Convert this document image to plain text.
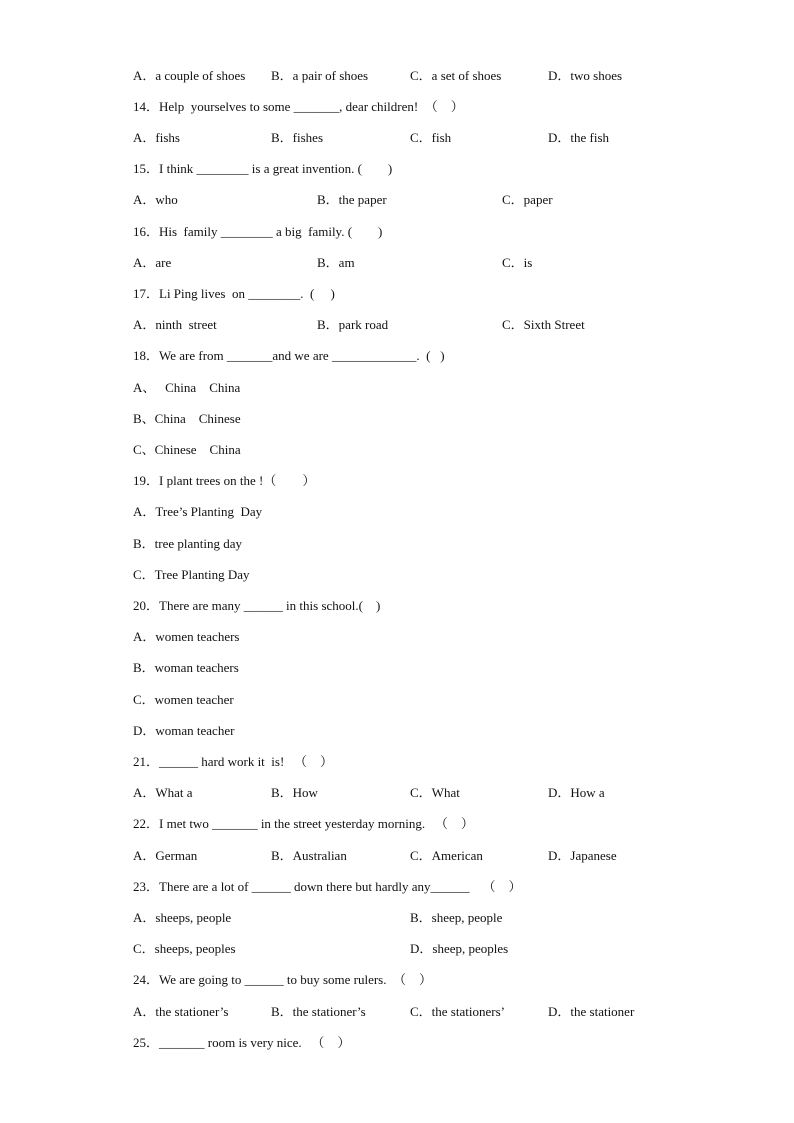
A．a couple of shoes B．a pair of shoes	C．a set of shoes	D．two shoes
14．Help  yourselves to some _______, dear children!  （    ）
A．fishs	B．fishes	C．fish	D．the fish
15．I think ________ is a great invention. (        )
A．who	B．the paper	C．paper
16．His  family ________ a big  family. (        )
A．are	B．am	C．is
17．Li Ping lives  on ________.  (     )
A．ninth  street	B．park road	C．Sixth Street
18．We are from _______and we are _____________.  (   )
A、   China    China
B、China    Chinese
C、Chinese    China
19．I plant trees on the !（        ）
A．Tree’s Planting  Day
B．tree planting day
C．Tree Planting Day
20．There are many ______ in this school.(    )
A．women teachers
B．woman teachers
C．women teacher
D．woman teacher
21．______ hard work it  is!   （    ）
A．What a	B．How	C．What	D．How a
22．I met two _______ in the street yesterday morning.   （    ）
A．German	B．Australian	C．American	D．Japanese
23．There are a lot of ______ down there but hardly any______    （    ）
A．sheeps, people	B．sheep, people
C．sheeps, peoples	D．sheep, peoples
24．We are going to ______ to buy some rulers.  （    ）
A．the stationer’s	B．the stationer’s	C．the stationers’	D．the stationer
25．_______ room is very nice.   （    ）
